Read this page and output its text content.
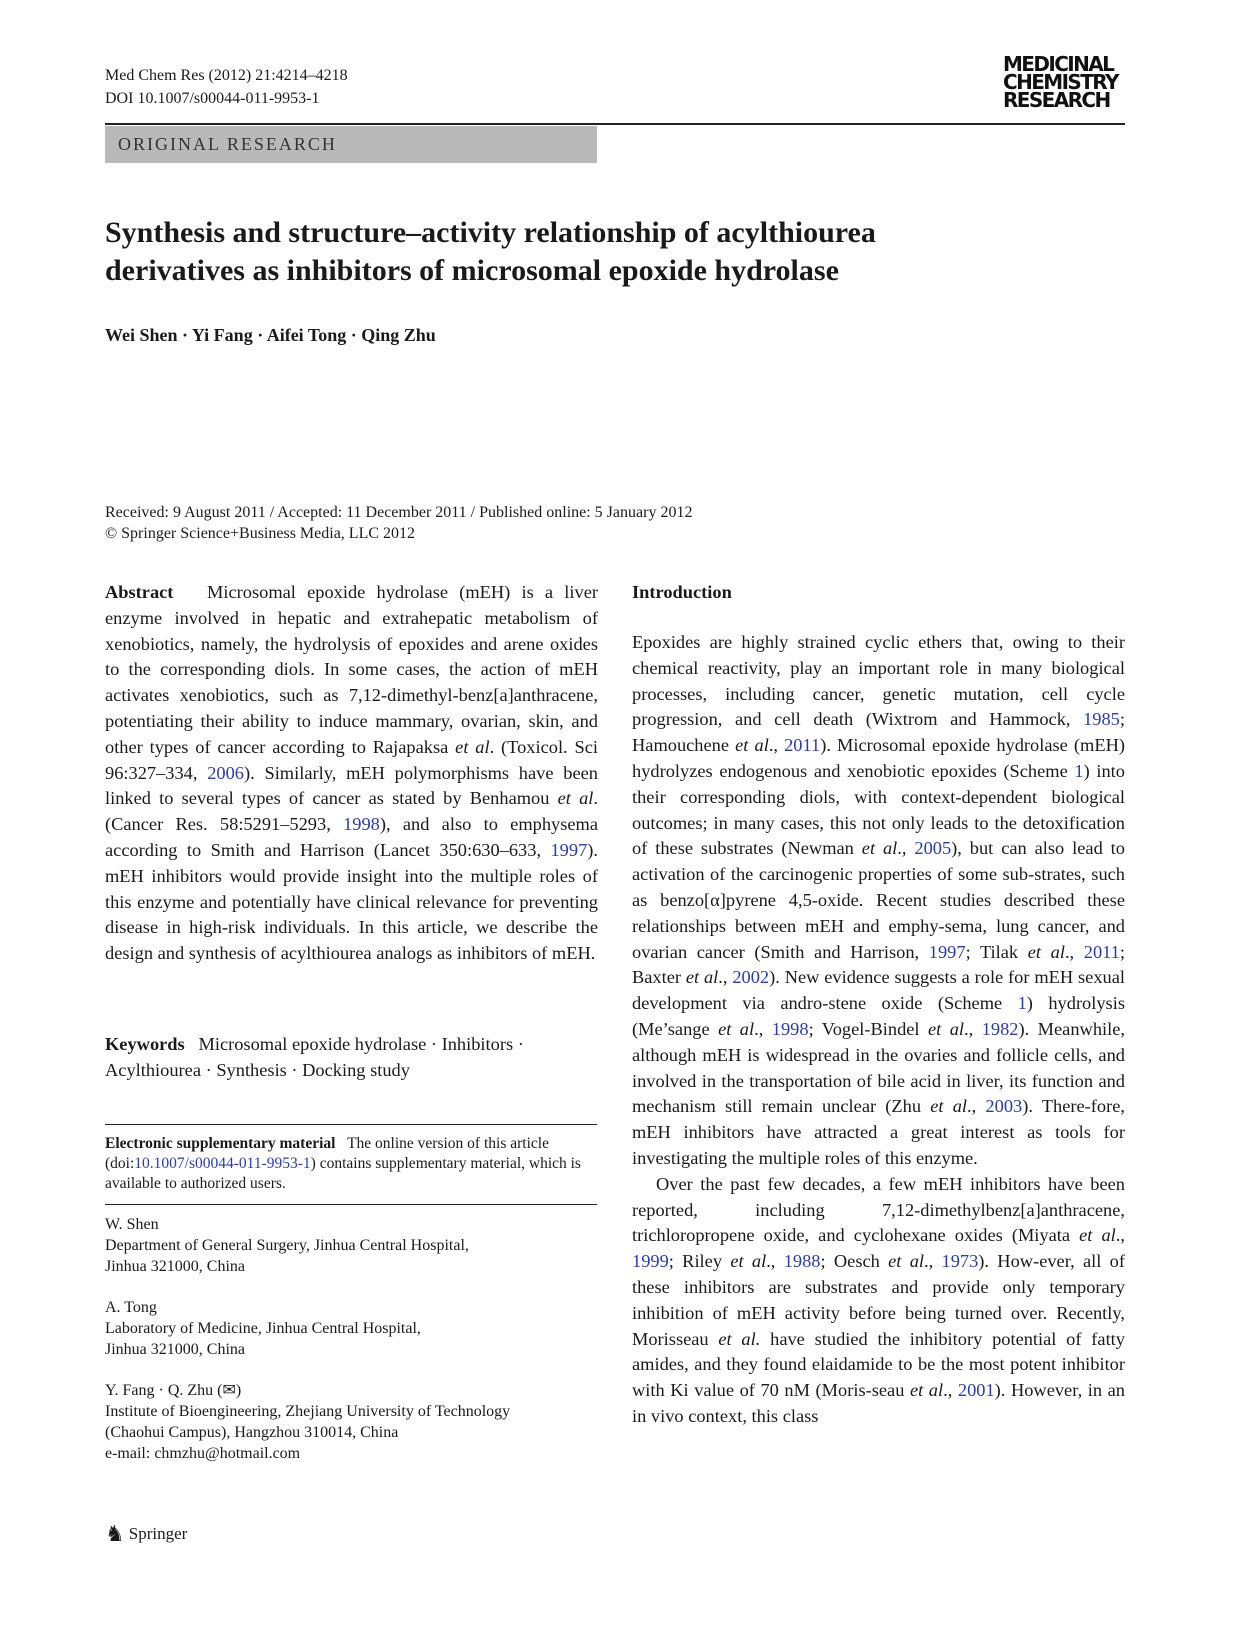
Med Chem Res (2012) 21:4214–4218
DOI 10.1007/s00044-011-9953-1
MEDICINAL
CHEMISTRY
RESEARCH
ORIGINAL RESEARCH
Synthesis and structure–activity relationship of acylthiourea
derivatives as inhibitors of microsomal epoxide hydrolase
Wei Shen · Yi Fang · Aifei Tong · Qing Zhu
Received: 9 August 2011 / Accepted: 11 December 2011 / Published online: 5 January 2012
© Springer Science+Business Media, LLC 2012

Abstract Microsomal epoxide hydrolase (mEH) is a liver enzyme involved in hepatic and extrahepatic metabolism of xenobiotics, namely, the hydrolysis of epoxides and arene oxides to the corresponding diols. In some cases, the action of mEH activates xenobiotics, such as 7,12-dimethyl-benz[a]anthracene, potentiating their ability to induce mammary, ovarian, skin, and other types of cancer according to Rajapaksa et al. (Toxicol. Sci 96:327–334, 2006). Similarly, mEH polymorphisms have been linked to several types of cancer as stated by Benhamou et al. (Cancer Res. 58:5291–5293, 1998), and also to emphysema according to Smith and Harrison (Lancet 350:630–633, 1997). mEH inhibitors would provide insight into the multiple roles of this enzyme and potentially have clinical relevance for preventing disease in high-risk individuals. In this article, we describe the design and synthesis of acylthiourea analogs as inhibitors of mEH.

Keywords Microsomal epoxide hydrolase · Inhibitors · Acylthiourea · Synthesis · Docking study

Electronic supplementary material The online version of this article (doi:10.1007/s00044-011-9953-1) contains supplementary material, which is available to authorized users.

W. Shen
Department of General Surgery, Jinhua Central Hospital,
Jinhua 321000, China
A. Tong
Laboratory of Medicine, Jinhua Central Hospital,
Jinhua 321000, China
Y. Fang · Q. Zhu (✉)
Institute of Bioengineering, Zhejiang University of Technology
(Chaohui Campus), Hangzhou 310014, China
e-mail: chmzhu@hotmail.com

Introduction

Epoxides are highly strained cyclic ethers that, owing to their chemical reactivity, play an important role in many biological processes, including cancer, genetic mutation, cell cycle progression, and cell death (Wixtrom and Hammock, 1985; Hamouchene et al., 2011). Microsomal epoxide hydrolase (mEH) hydrolyzes endogenous and xenobiotic epoxides (Scheme 1) into their corresponding diols, with context-dependent biological outcomes; in many cases, this not only leads to the detoxification of these substrates (Newman et al., 2005), but can also lead to activation of the carcinogenic properties of some sub-strates, such as benzo[α]pyrene 4,5-oxide. Recent studies described these relationships between mEH and emphy-sema, lung cancer, and ovarian cancer (Smith and Harrison, 1997; Tilak et al., 2011; Baxter et al., 2002). New evidence suggests a role for mEH sexual development via andro-stene oxide (Scheme 1) hydrolysis (Me’sange et al., 1998; Vogel-Bindel et al., 1982). Meanwhile, although mEH is widespread in the ovaries and follicle cells, and involved in the transportation of bile acid in liver, its function and mechanism still remain unclear (Zhu et al., 2003). There-fore, mEH inhibitors have attracted a great interest as tools for investigating the multiple roles of this enzyme.

Over the past few decades, a few mEH inhibitors have been reported, including 7,12-dimethylbenz[a]anthracene, trichloropropene oxide, and cyclohexane oxides (Miyata et al., 1999; Riley et al., 1988; Oesch et al., 1973). How-ever, all of these inhibitors are substrates and provide only temporary inhibition of mEH activity before being turned over. Recently, Morisseau et al. have studied the inhibitory potential of fatty amides, and they found elaidamide to be the most potent inhibitor with Ki value of 70 nM (Moris-seau et al., 2001). However, in an in vivo context, this class

♞ Springer
